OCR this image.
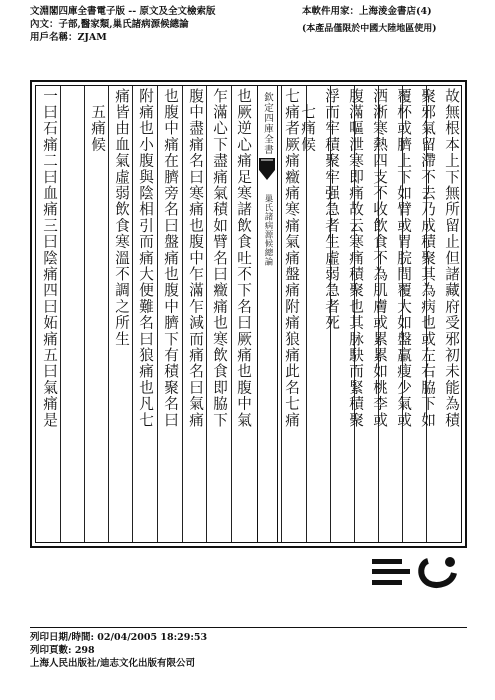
文淵閣四庫全書電子版 -- 原文及全文檢索版
內文：子部,醫家類,巢氏諸病源候總論
用戶名稱：ZJAM
本軟件用家：上海淩金書店(4)
(本產品僅限於中國大陸地區使用)
故無根本上下無所留止但諸藏府受邪初未能為積
聚邪氣留滯不去乃成積聚其為病也或左右脇下如
覆杯或臍上下如臂或胃脘間覆大如盤羸瘦少氣或
洒淅寒熱四支不收飲食不為肌膚或累累如桃李或
腹滿嘔泄寒即痛故云寒痛積聚也其脉駃而緊積聚
浮而牢積聚牢强急者生虛弱急者死
　七痛候
七痛者厥痛癥痛寒痛氣痛盤痛附痛狼痛此名七痛
欽定四庫全書
巢氏諸病源候總論
也厥逆心痛足寒諸飲食吐不下名曰厥痛也腹中氣
乍滿心下盡痛氣積如臂名曰癥痛也寒飲食即脇下
腹中盡痛名曰寒痛也腹中乍滿乍減而痛名曰氣痛
也腹中痛在臍旁名曰盤痛也腹中臍下有積聚名曰
附痛也小腹與陰相引而痛大便難名曰狼痛也凡七
痛皆由血氣虛弱飲食寒溫不調之所生
　五痛候
一曰石痛二曰血痛三曰陰痛四曰妬痛五曰氣痛是
列印日期/時間: 02/04/2005 18:29:53
列印頁數: 298
上海人民出版社/迪志文化出版有限公司
